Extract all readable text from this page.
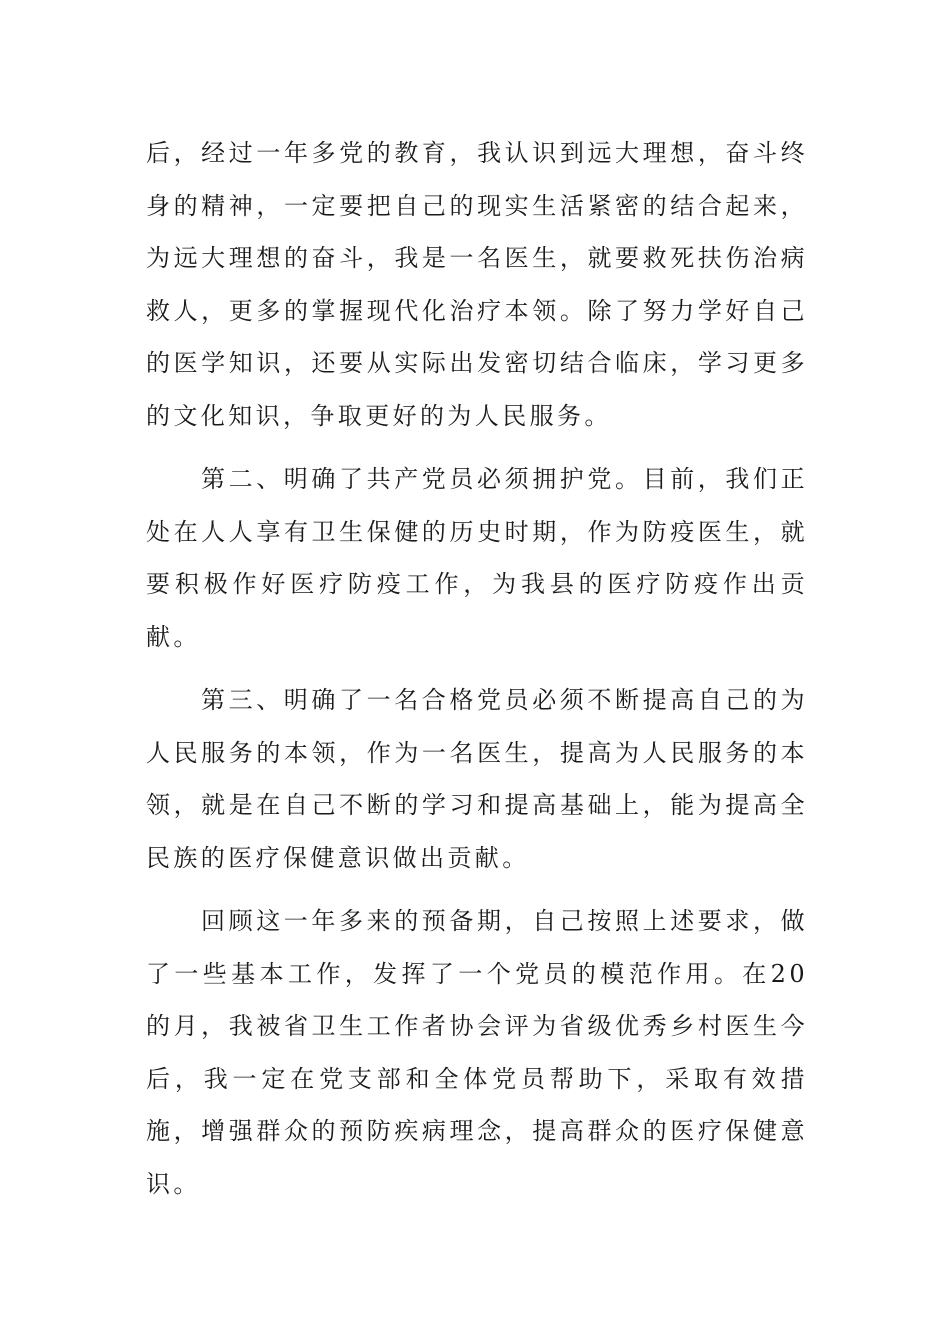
后，经过一年多党的教育，我认识到远大理想，奋斗终身的精神，一定要把自己的现实生活紧密的结合起来，为远大理想的奋斗，我是一名医生，就要救死扶伤治病救人，更多的掌握现代化治疗本领。除了努力学好自己的医学知识，还要从实际出发密切结合临床，学习更多的文化知识，争取更好的为人民服务。

第二、明确了共产党员必须拥护党。目前，我们正处在人人享有卫生保健的历史时期，作为防疫医生，就要积极作好医疗防疫工作，为我县的医疗防疫作出贡献。

第三、明确了一名合格党员必须不断提高自己的为人民服务的本领，作为一名医生，提高为人民服务的本领，就是在自己不断的学习和提高基础上，能为提高全民族的医疗保健意识做出贡献。

回顾这一年多来的预备期，自己按照上述要求，做了一些基本工作，发挥了一个党员的模范作用。在20的月，我被省卫生工作者协会评为省级优秀乡村医生今后，我一定在党支部和全体党员帮助下，采取有效措施，增强群众的预防疾病理念，提高群众的医疗保健意识。
